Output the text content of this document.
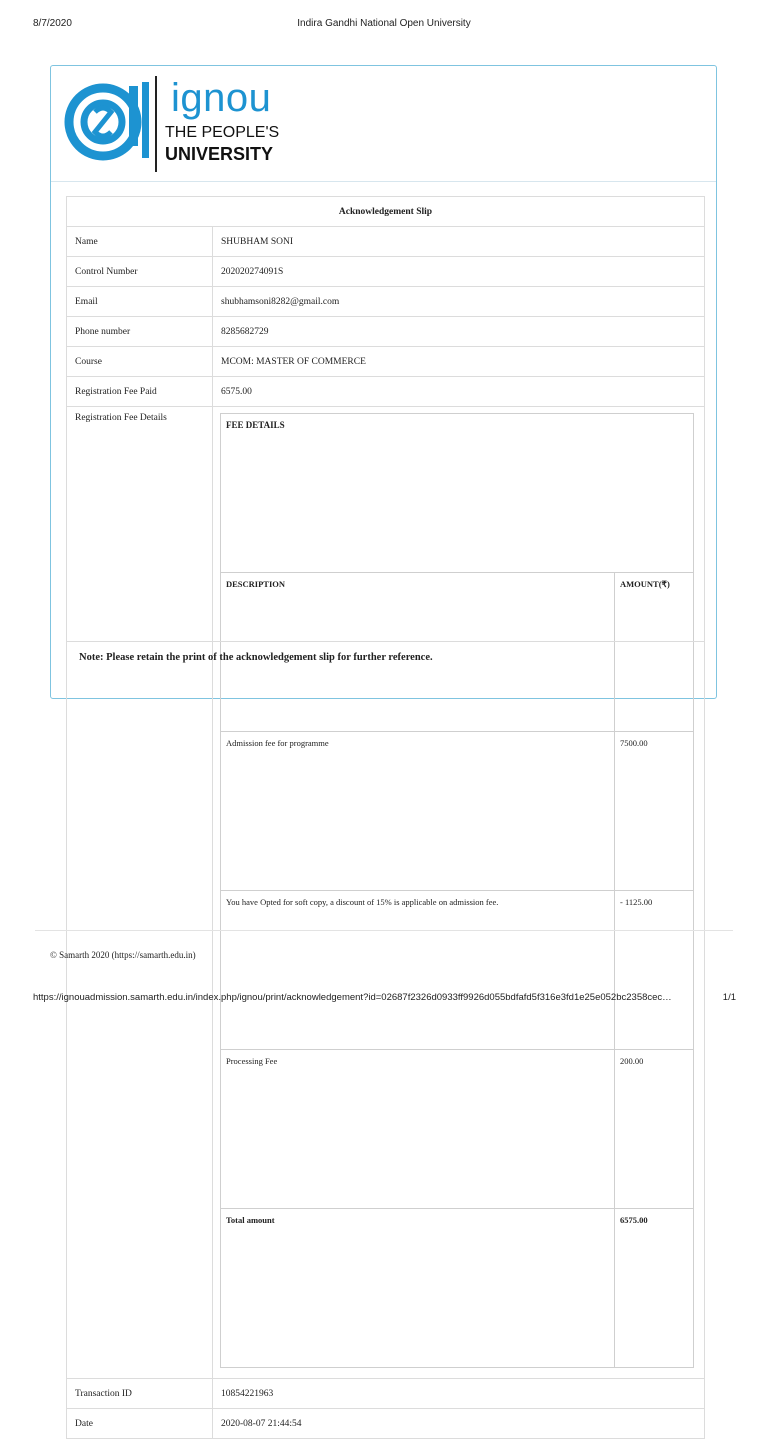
8/7/2020	Indira Gandhi National Open University
ignou
THE PEOPLE'S
UNIVERSITY
Acknowledgement Slip
Name	SHUBHAM SONI
Control Number	202020274091S
Email	shubhamsoni8282@gmail.com
Phone number	8285682729
Course	MCOM: MASTER OF COMMERCE
Registration Fee Paid	6575.00
Registration Fee Details	
FEE DETAILS
DESCRIPTION	AMOUNT(₹)
Admission fee for programme	7500.00
You have Opted for soft copy, a discount of 15% is applicable on admission fee.	- 1125.00
Processing Fee	200.00
Total amount	6575.00

Transaction ID	10854221963
Date	2020-08-07 21:44:54
Note: Please retain the print of the acknowledgement slip for further reference.
© Samarth 2020 (https://samarth.edu.in)
https://ignouadmission.samarth.edu.in/index.php/ignou/print/acknowledgement?id=02687f2326d0933ff9926d055bdfafd5f316e3fd1e25e052bc2358cec…	1/1
